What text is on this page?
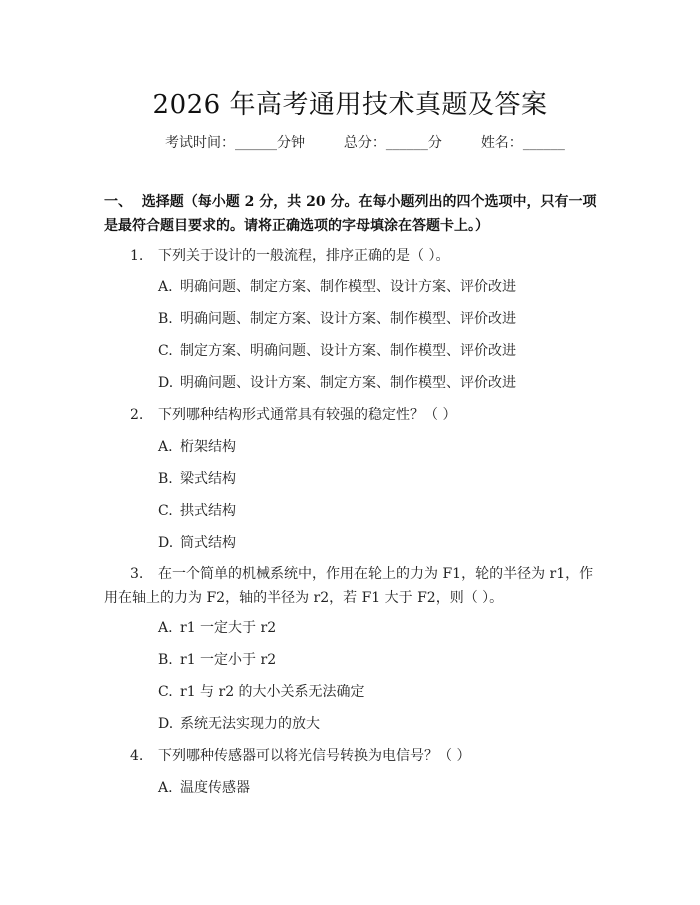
2026 年高考通用技术真题及答案
考试时间：______分钟	总分：______分	姓名：______
一、 选择题（每小题 2 分，共 20 分。在每小题列出的四个选项中，只有一项是最符合题目要求的。请将正确选项的字母填涂在答题卡上。）
1. 下列关于设计的一般流程，排序正确的是（ ）。
A. 明确问题、制定方案、制作模型、设计方案、评价改进
B. 明确问题、制定方案、设计方案、制作模型、评价改进
C. 制定方案、明确问题、设计方案、制作模型、评价改进
D. 明确问题、设计方案、制定方案、制作模型、评价改进
2. 下列哪种结构形式通常具有较强的稳定性？（ ）
A. 桁架结构
B. 梁式结构
C. 拱式结构
D. 筒式结构
3. 在一个简单的机械系统中，作用在轮上的力为 F1，轮的半径为 r1，作用在轴上的力为 F2，轴的半径为 r2，若 F1 大于 F2，则（ ）。
A. r1 一定大于 r2
B. r1 一定小于 r2
C. r1 与 r2 的大小关系无法确定
D. 系统无法实现力的放大
4. 下列哪种传感器可以将光信号转换为电信号？（ ）
A. 温度传感器
